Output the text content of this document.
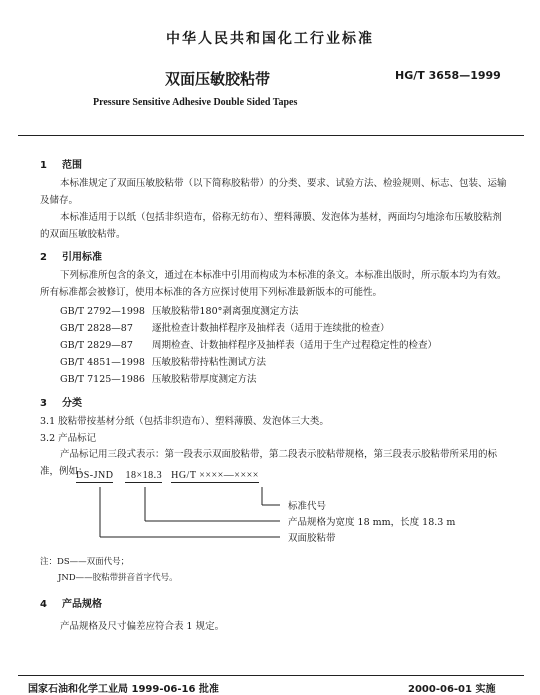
中华人民共和国化工行业标准
双面压敏胶粘带	HG/T 3658—1999
Pressure Sensitive Adhesive Double Sided Tapes
1 范围
本标准规定了双面压敏胶粘带（以下简称胶粘带）的分类、要求、试验方法、检验规则、标志、包装、运输及储存。
本标准适用于以纸（包括非织造布，俗称无纺布）、塑料薄膜、发泡体为基材，两面均匀地涂布压敏胶粘剂的双面压敏胶粘带。
2 引用标准
下列标准所包含的条文，通过在本标准中引用而构成为本标准的条文。本标准出版时，所示版本均为有效。所有标准都会被修订，使用本标准的各方应探讨使用下列标准最新版本的可能性。
GB/T 2792—1998 压敏胶粘带180°剥离强度测定方法
GB/T 2828—87 逐批检查计数抽样程序及抽样表（适用于连续批的检查）
GB/T 2829—87 周期检查、计数抽样程序及抽样表（适用于生产过程稳定性的检查）
GB/T 4851—1998 压敏胶粘带持粘性测试方法
GB/T 7125—1986 压敏胶粘带厚度测定方法
3 分类
3.1 胶粘带按基材分纸（包括非织造布）、塑料薄膜、发泡体三大类。
3.2 产品标记
产品标记用三段式表示：第一段表示双面胶粘带，第二段表示胶粘带规格，第三段表示胶粘带所采用的标准，例如：
DS-JND 18×18.3 HG/T ××××—××××
标准代号
产品规格为宽度 18 mm，长度 18.3 m
双面胶粘带
注：DS——双面代号；
JND——胶粘带拼音首字代号。
4 产品规格
产品规格及尺寸偏差应符合表 1 规定。
国家石油和化学工业局 1999-06-16 批准	2000-06-01 实施
